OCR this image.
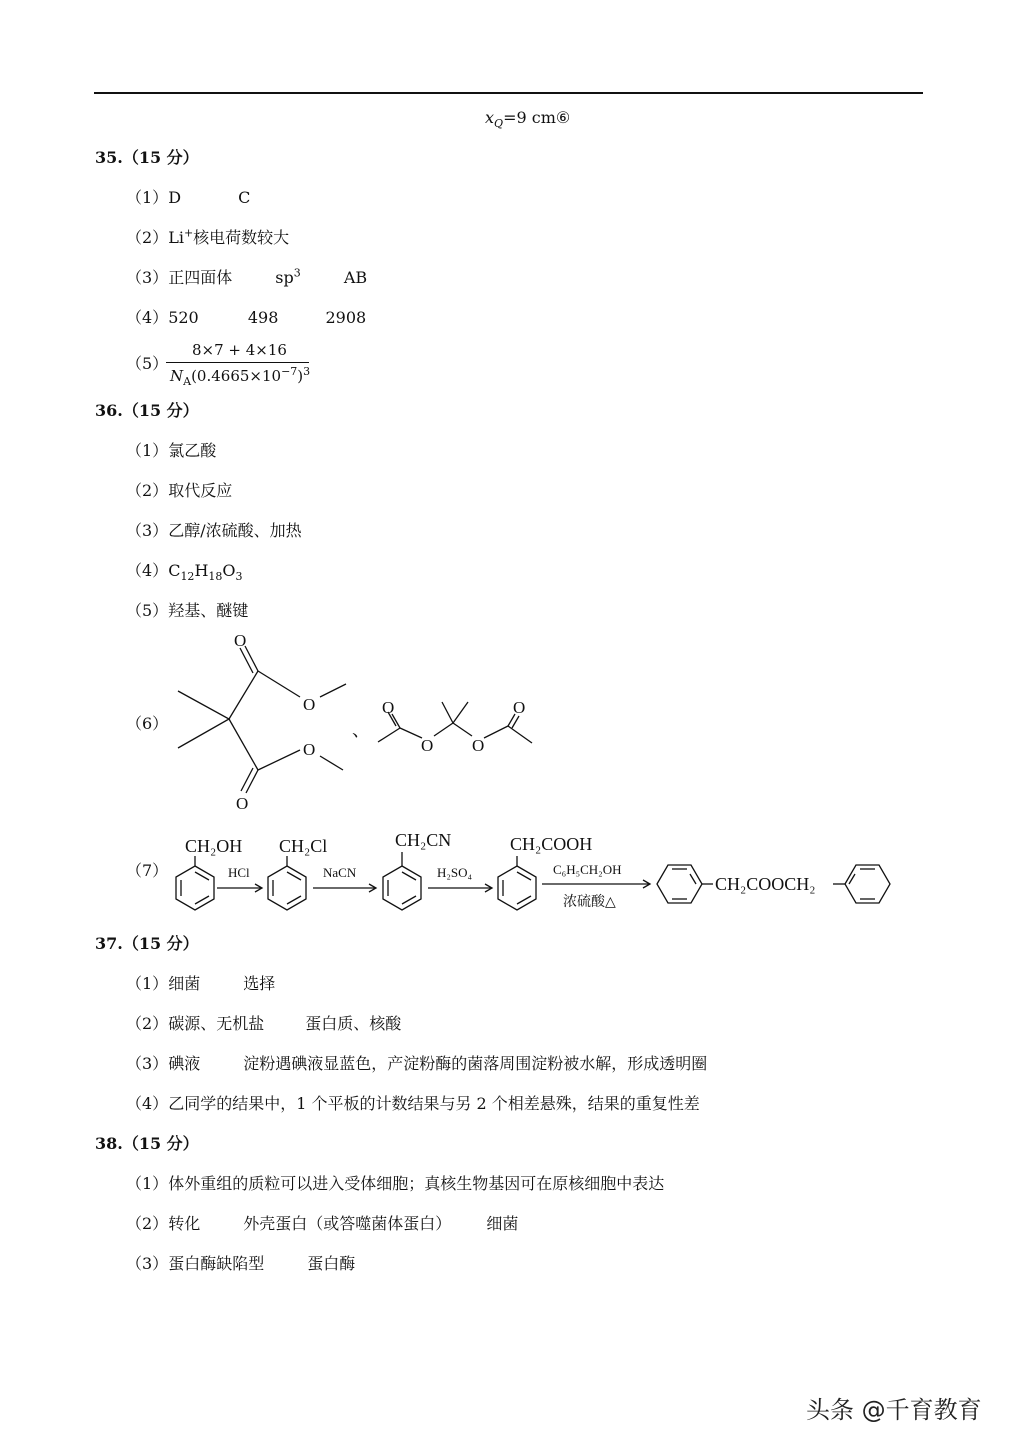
$x_Q=9$ cm⑥
35.（15 分）
（1）D	C
（2）Li+核电荷数较大
（3）正四面体	$sp^3$	AB
（4）520	498	2908
（5）
8×7 + 4×16
$N_A(0.4665\times 10^{-7})^3$
36.（15 分）
（1）氯乙酸
（2）取代反应
（3）乙醇/浓硫酸、加热
$(4)C_{12}H_{18}O_3$
（5）羟基、醚键
（6）
O
O
O
O
、
O
O O
O
（7）
CH₂OH
HCl
CH₂Cl
NaCN
CH₂CN
H₂SO₄
CH₂COOH
C₆H₅CH₂OH
浓硫酸△
CH₂COOCH₂
37.（15 分）
（1）细菌	选择
（2）碳源、无机盐	蛋白质、核酸
（3）碘液	淀粉遇碘液显蓝色，产淀粉酶的菌落周围淀粉被水解，形成透明圈
（4）乙同学的结果中，1 个平板的计数结果与另 2 个相差悬殊，结果的重复性差
38.（15 分）
（1）体外重组的质粒可以进入受体细胞；真核生物基因可在原核细胞中表达
（2）转化	外壳蛋白（或答噬菌体蛋白） 细菌
（3）蛋白酶缺陷型	蛋白酶
头条 @千育教育
